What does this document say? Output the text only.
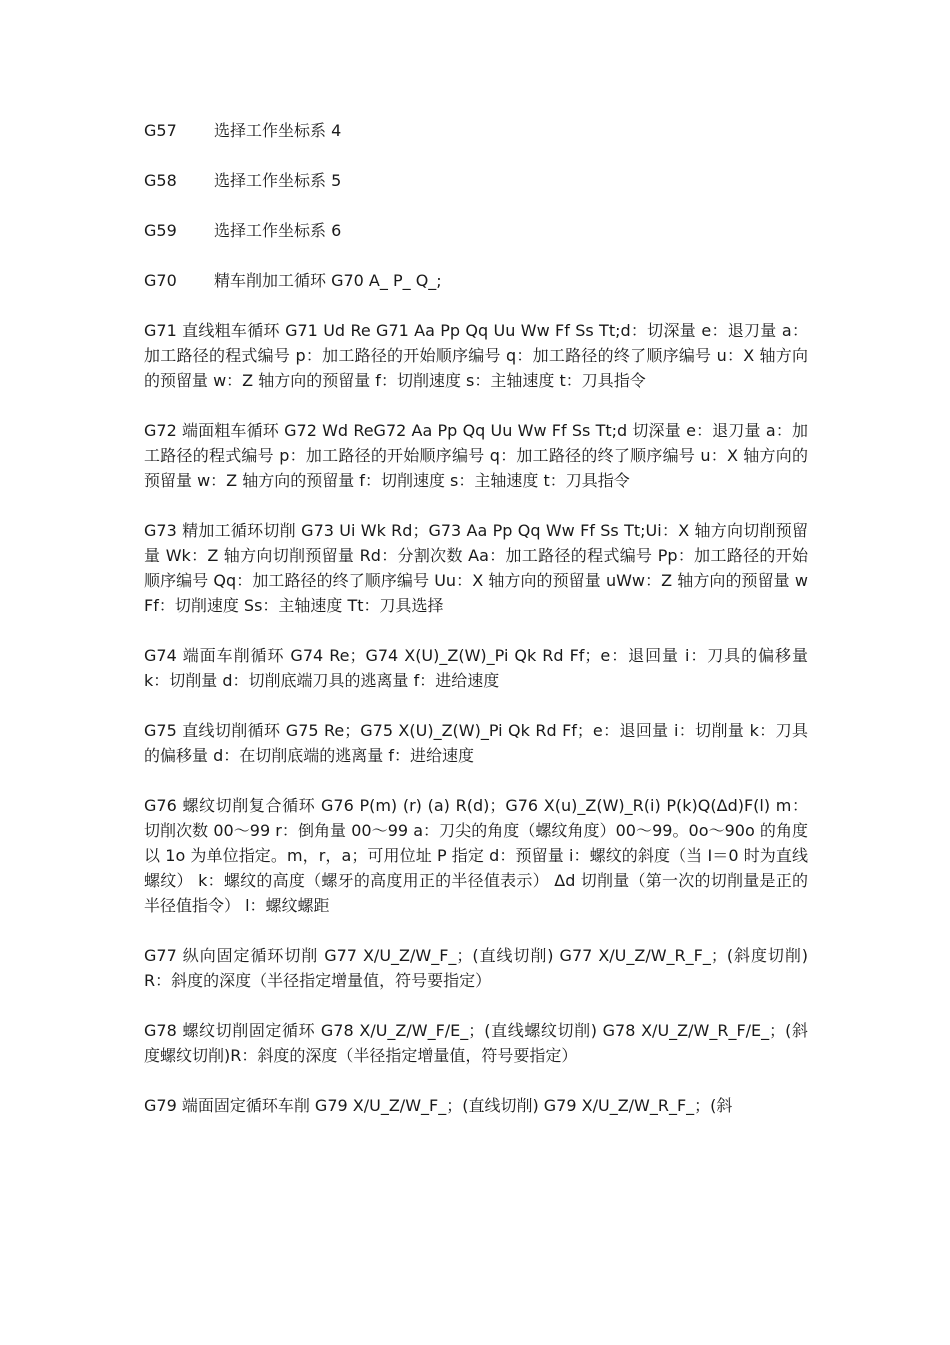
G57 选择工作坐标系 4
G58 选择工作坐标系 5
G59 选择工作坐标系 6
G70 精车削加工循环 G70 A_ P_ Q_;

G71 直线粗车循环 G71 Ud Re G71 Aa Pp Qq Uu Ww Ff Ss Tt;d：切深量 e：退刀量 a：加工路径的程式编号 p：加工路径的开始顺序编号 q：加工路径的终了顺序编号 u：X 轴方向的预留量 w：Z 轴方向的预留量 f：切削速度 s：主轴速度 t：刀具指令

G72 端面粗车循环 G72 Wd ReG72 Aa Pp Qq Uu Ww Ff Ss Tt;d 切深量 e：退刀量 a：加工路径的程式编号 p：加工路径的开始顺序编号 q：加工路径的终了顺序编号 u：X 轴方向的预留量 w：Z 轴方向的预留量 f：切削速度 s：主轴速度 t：刀具指令

G73 精加工循环切削 G73 Ui Wk Rd；G73 Aa Pp Qq Ww Ff Ss Tt;Ui：X 轴方向切削预留量 Wk：Z 轴方向切削预留量 Rd：分割次数 Aa：加工路径的程式编号 Pp：加工路径的开始顺序编号 Qq：加工路径的终了顺序编号 Uu：X 轴方向的预留量 uWw：Z 轴方向的预留量 wFf：切削速度 Ss：主轴速度 Tt：刀具选择

G74 端面车削循环 G74 Re；G74 X(U)_Z(W)_Pi Qk Rd Ff；e：退回量 i：刀具的偏移量 k：切削量 d：切削底端刀具的逃离量 f：进给速度

G75 直线切削循环 G75 Re；G75 X(U)_Z(W)_Pi Qk Rd Ff；e：退回量 i：切削量 k：刀具的偏移量 d：在切削底端的逃离量 f：进给速度

G76 螺纹切削复合循环 G76 P(m) (r) (a) R(d)；G76 X(u)_Z(W)_R(i) P(k)Q(Δd)F(l) m：切削次数 00～99 r：倒角量 00～99 a：刀尖的角度（螺纹角度）00～99。0o～90o 的角度以 1o 为单位指定。m，r，a；可用位址 P 指定 d：预留量 i：螺纹的斜度（当 I＝0 时为直线螺纹） k：螺纹的高度（螺牙的高度用正的半径值表示） Δd 切削量（第一次的切削量是正的半径值指令） l：螺纹螺距

G77 纵向固定循环切削 G77 X/U_Z/W_F_；(直线切削) G77 X/U_Z/W_R_F_；(斜度切削)R：斜度的深度（半径指定增量值，符号要指定）

G78 螺纹切削固定循环 G78 X/U_Z/W_F/E_；(直线螺纹切削) G78 X/U_Z/W_R_F/E_；(斜度螺纹切削)R：斜度的深度（半径指定增量值，符号要指定）

G79 端面固定循环车削 G79 X/U_Z/W_F_；(直线切削) G79 X/U_Z/W_R_F_；(斜
